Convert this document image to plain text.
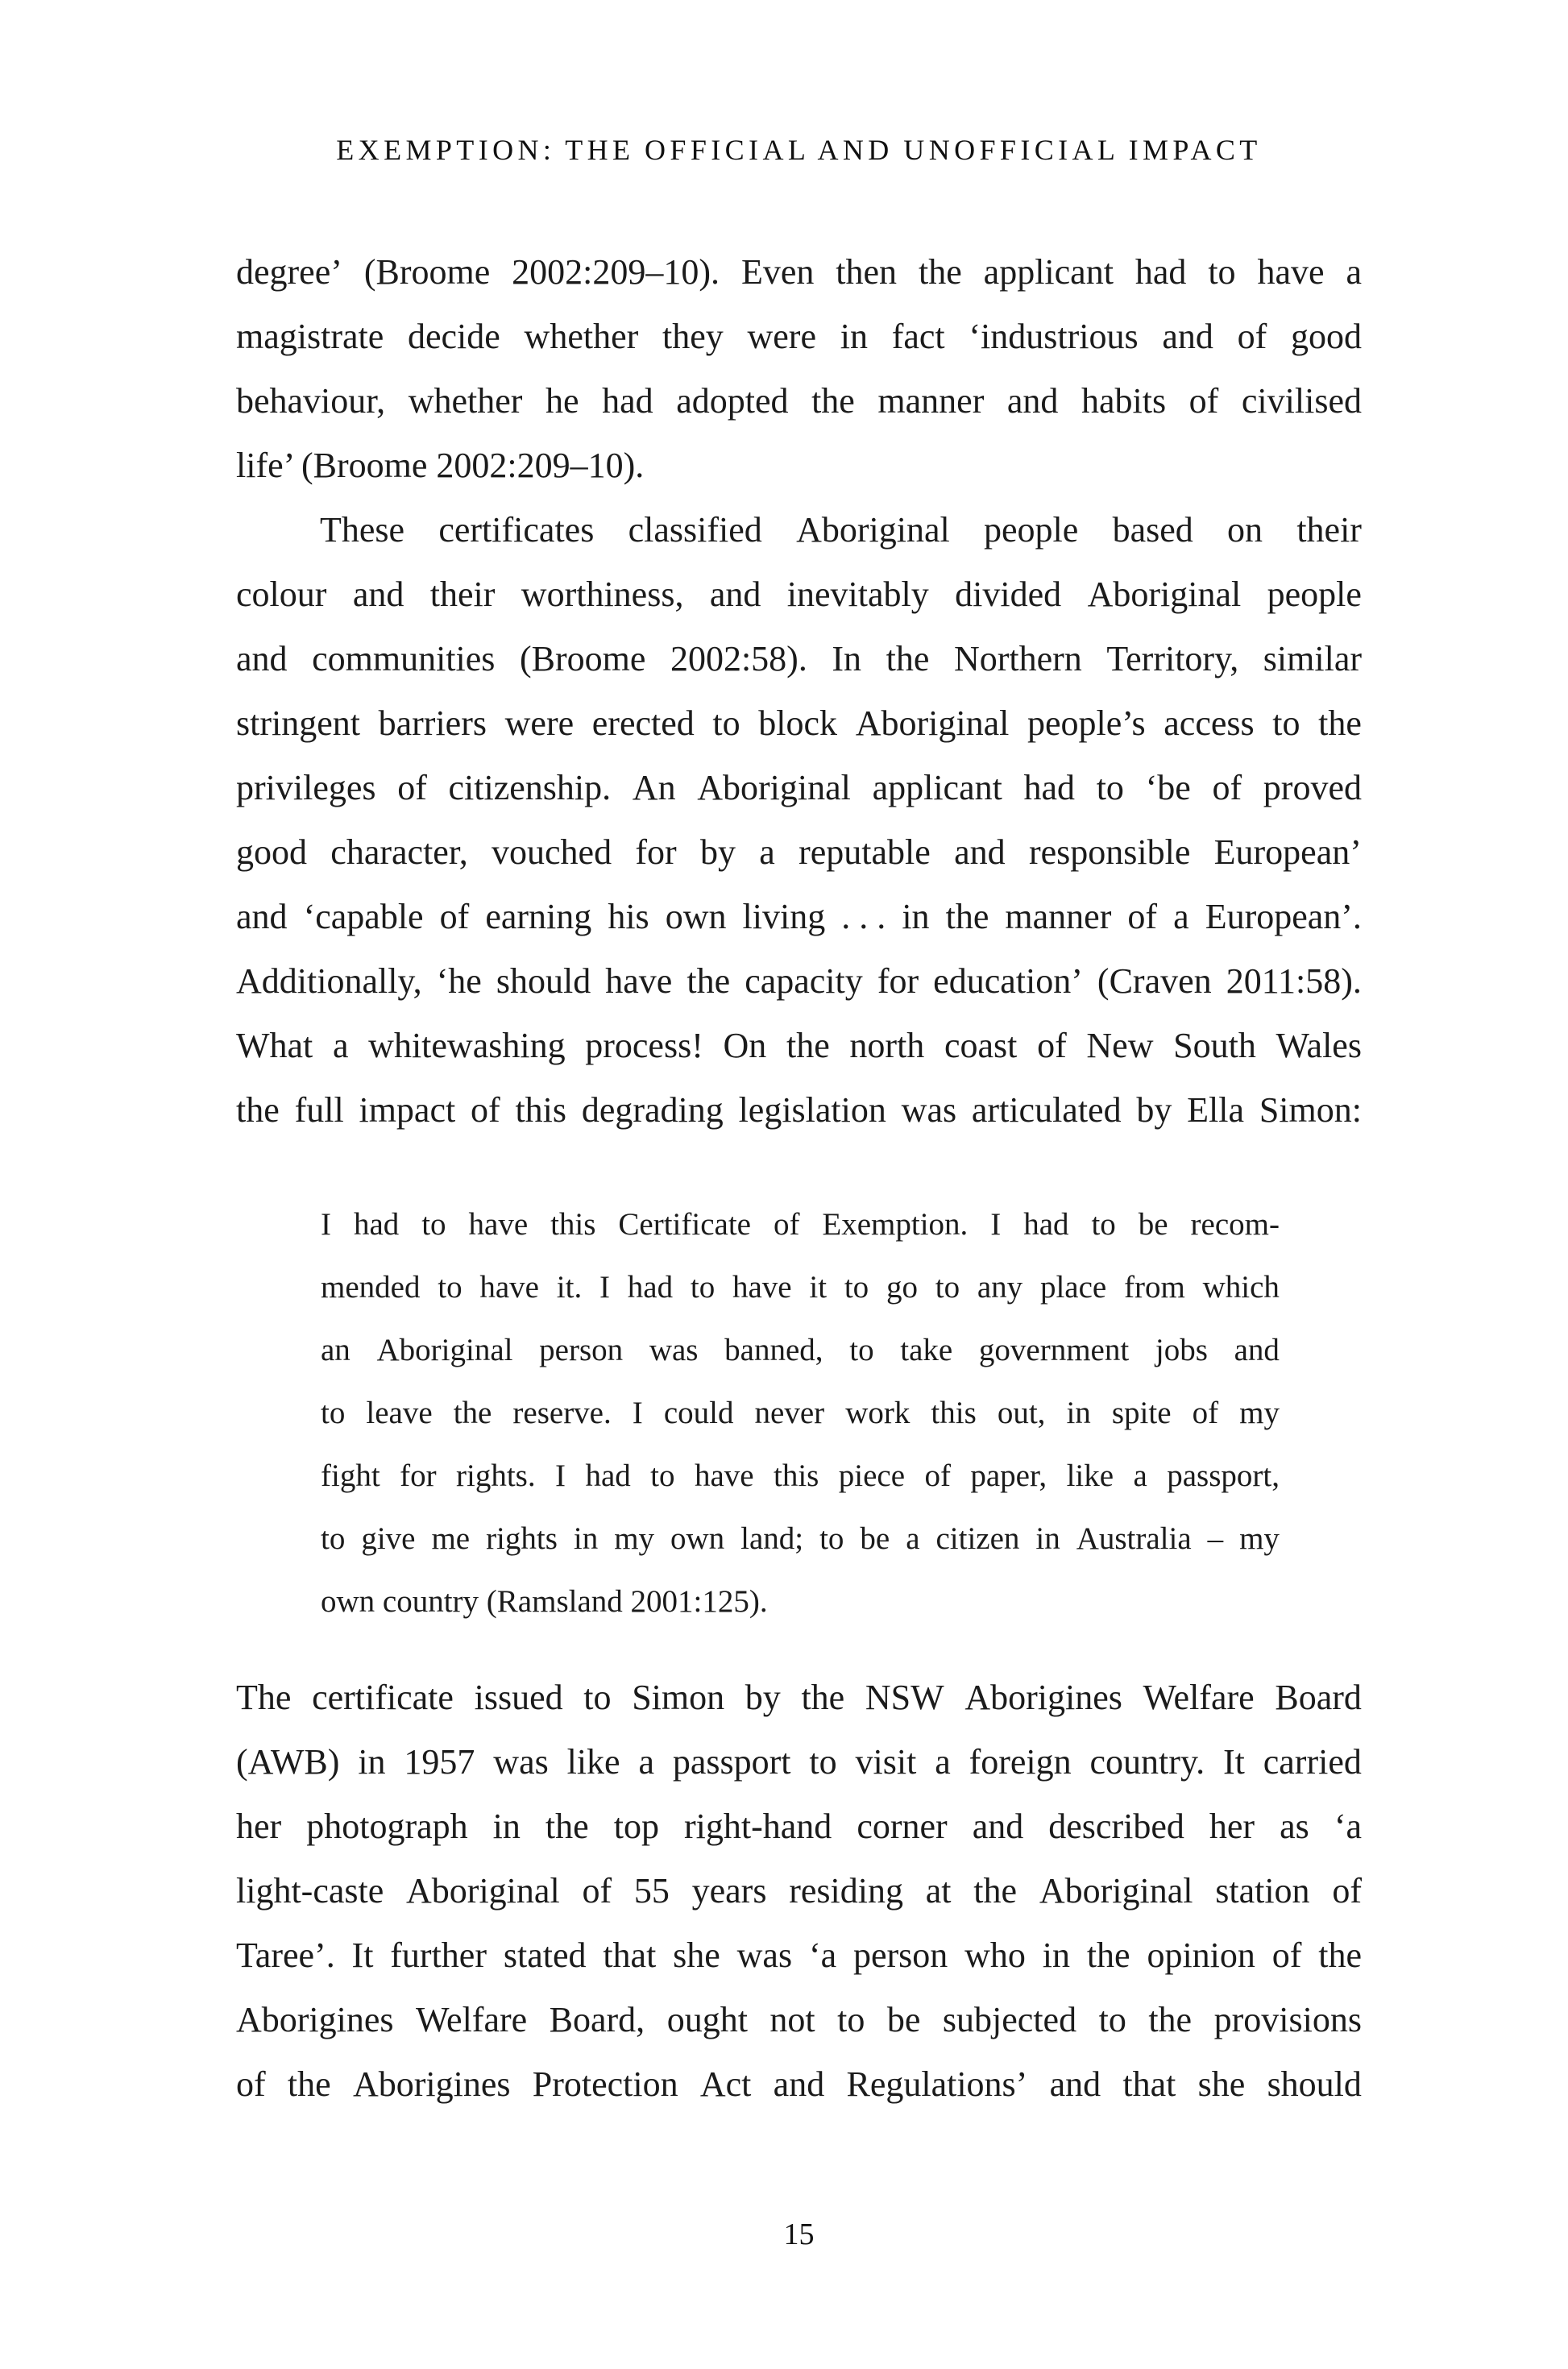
EXEMPTION: THE OFFICIAL AND UNOFFICIAL IMPACT
degree’ (Broome 2002:209–10). Even then the applicant had to have a
magistrate decide whether they were in fact ‘industrious and of good
behaviour, whether he had adopted the manner and habits of civilised
life’ (Broome 2002:209–10).
These certificates classified Aboriginal people based on their
colour and their worthiness, and inevitably divided Aboriginal people
and communities (Broome 2002:58). In the Northern Territory, similar
stringent barriers were erected to block Aboriginal people’s access to the
privileges of citizenship. An Aboriginal applicant had to ‘be of proved
good character, vouched for by a reputable and responsible European’
and ‘capable of earning his own living . . . in the manner of a European’.
Additionally, ‘he should have the capacity for education’ (Craven 2011:58).
What a whitewashing process! On the north coast of New South Wales
the full impact of this degrading legislation was articulated by Ella Simon:
I had to have this Certificate of Exemption. I had to be recom-
mended to have it. I had to have it to go to any place from which
an Aboriginal person was banned, to take government jobs and
to leave the reserve. I could never work this out, in spite of my
fight for rights. I had to have this piece of paper, like a passport,
to give me rights in my own land; to be a citizen in Australia – my
own country (Ramsland 2001:125).
The certificate issued to Simon by the NSW Aborigines Welfare Board
(AWB) in 1957 was like a passport to visit a foreign country. It carried
her photograph in the top right-hand corner and described her as ‘a
light-caste Aboriginal of 55 years residing at the Aboriginal station of
Taree’. It further stated that she was ‘a person who in the opinion of the
Aborigines Welfare Board, ought not to be subjected to the provisions
of the Aborigines Protection Act and Regulations’ and that she should
15
